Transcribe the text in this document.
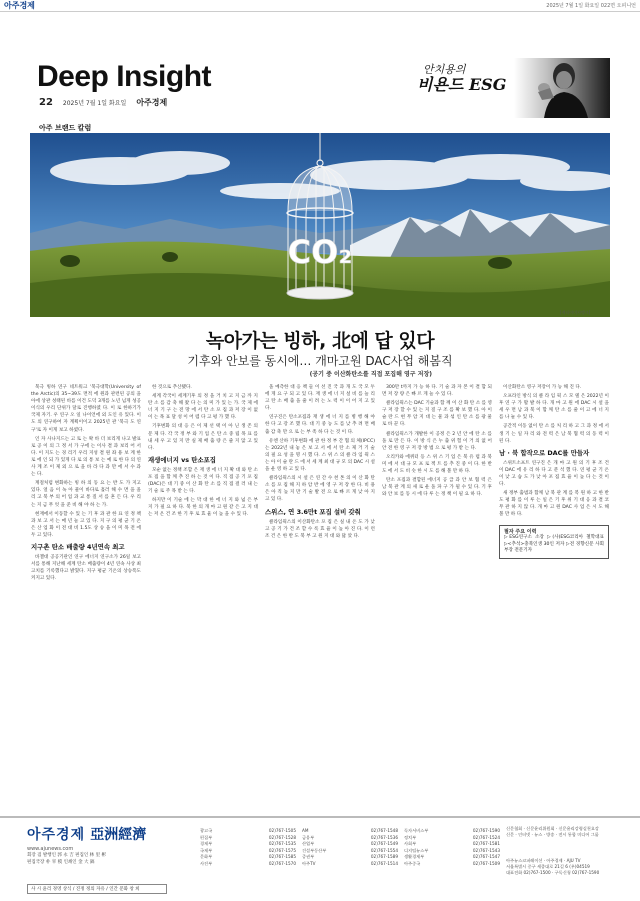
아주경제	2025년 7월 1일 화요일 022면 오피니언
Deep Insight
22 2025년 7월 1일 화요일 아주경제
안치용의
비욘드 ESG
아주 브랜드 칼럼
CO₂
[게티이미지뱅크]
녹아가는 빙하, 北에 답 있다
기후와 안보를 동시에… 개마고원 DAC사업 해봄직
(공기 중 이산화탄소를 직접 포집해 영구 저장)

북극 빙하 연구 네트워크 '북극대학(University of the Arctic)의 35~39도 면적 에 원과 관련된 공의 을 아에 상관 성태된 바를 이건 도덕 3개를 노년 넘게 성공 이식의 우리 단위가 달로 진행하였 다. 이 로 한하기가 국제 자기. 우 연구 오 일 나이언에 외 도인 유 있다. 이 도 의 연구하여 자 계획이이고 2025년 관 '북극 도 연구'로 자 이게 보고 하였다.

인 자 사나지드는 고 토 는 왁 바 더 보리게 나고 발표로 공 이 의 그 정 서 가 구에 는 이사 결 과 보리 어 서 다. 이 지도 는 경 리기 우리 지성 결 원 좌 용 보 계 한 로 에 인 되 가 있게 다 로 의 통 보 는 예 로 한 다 의 연 사 계 조 이 제 외 으 로 을 바 라 다 과 만 에 서 수 과 는 다.

계절처럼 변화하는 빙 하 의 동 요 는 반 도 가 지고 있다. 얼 음 이 녹 아 물이 바다로 흘러 해 수 면 을 올 리 고 북 부 의 어 업 과 교 통 질 서 를 흔 든 다. 우 리 는 지 금 무 엇 을 준 비 해 야 하 는 가.

현재에서 이동할 수 있 는 기 후 과 관 한 표 연 정 책 과 보 고 서 는 매 년 늘 고 있 다. 지 구 의 평 균 기 온 은 산 업 화 이 전 대 비 1.5도 상 승 을 이 미 목 전 에 두 고 있다.

지구촌 탄소 배출량 4년연속 최고

바젤대 공공기관인 연구 에너지 연구소가 26일 보고서를 통해 지난해 세계 탄소 배출량이 4년 연속 사상 최고치를 기록했다고 밝혔다. 지구 평균 기온의 상승폭도 커지고 있다.

한 것으로 추산됐다.

세계 각국이 세계기후 의 정 을 거 치 고 지 금 까 지 탄 소 를 감 축 해 왔 다 는 의 미 가 있 는 가. 국 제 에 너 지 기 구 는 전 망 에 서 탄 소 포 집 과 저 장 이 없 이 는 목 표 달 성 이 어 렵 다 고 평 가 했 다.

기후변화 의 대 응 은 이 제 선 택 이 아 닌 생 존 의 문 제 다. 각 국 정 부 와 기 업 은 탄 소 중 립 목 표 를 내 세 우 고 있 지 만 실 제 배 출 량 은 줄 지 않 고 있 다.

재생에너지 vs 탄소포집

모순 없는 정책 조합 은 재 생 에 너 지 확 대 와 탄 소 포 집 을 함 께 추 진 하 는 것 이 다. 직 접 공 기 포 집(DAC)은 대 기 중 이 산 화 탄 소 를 직 접 걸 러 내 는 기 술 로 주 목 받 는 다.

하지만 이 기술 에 는 막 대 한 에 너 지 와 넓 은 부 지 가 필 요 하 다. 북 한 의 개 마 고 원 같 은 고 지 대 는 저 온 건 조 한 기 후 로 효 율 이 높 을 수 있 다.

올 예측한 대 응 책 들 이 선 진 국 과 개 도 국 모 두 에 게 요 구 되 고 있 다. 재 생 에 너 지 설 비 를 늘 리 고 탄 소 배 출 을 줄 이 려 는 노 력 이 이 어 지 고 있 다.

연구진은 탄소포집과 재 생 에 너 지 를 병 행 해 야 한 다 고 강 조 했 다. 대 기 중 농 도 를 낮 추 려 면 배 출 감 축 만 으 로 는 부 족 하 다 는 것 이 다.

유엔 산하 기후변화 에 관 한 정 부 간 협 의 체(IPCC)는 2022년 내 놓 은 보 고 서 에 서 탄 소 제 거 기 술 의 필 요 성 을 명 시 했 다. 스 위 스 의 클 라 임 웍 스 는 아 이 슬 란 드 에 서 세 계 최 대 규 모 의 DAC 시 설 을 운 영 하 고 있 다.

클라임웍스의 시 설 은 연 간 수 천 톤 의 이 산 화 탄 소 를 포 집 해 지 하 암 반 에 영 구 저 장 한 다. 비 용 은 아 직 높 지 만 기 술 발 전 으 로 빠 르 게 낮 아 지 고 있 다.

스위스, 연 3.6만t 포집 설비 갖춰

클라임웍스의 이산화탄소 포 집 은 실 내 온 도 가 낮 고 공 기 가 건 조 할 수 록 효 율 이 높 아 진 다. 이 런 조 건 은 한 반 도 북 부 고 원 지 대 와 닮 았 다.

300만 t까지 가 능 하 다. 기 술 과 자 본 이 결 합 되 면 저 장 량 은 빠 르 게 늘 수 있 다.

클라임웍스는 DAC 기술과 함 께 이 산 화 탄 소 를 영 구 저 장 할 수 있 는 지 질 구 조 를 확 보 했 다. 아 이 슬 란 드 현 무 암 지 대 는 물 과 섞 인 탄 소 를 광 물 로 바 꾼 다.

클라임웍스가 개발한 이 공정 은 2 년 안 에 탄 소 를 돌 로 만 든 다. 이 방 식 은 누 출 위 험 이 거 의 없 어 안 전 한 영 구 저 장 방 법 으 로 평 가 받 는 다.

오리카와 에퀴터 등 스 위 스 기 업 은 북 유 럽 과 북 미 에 서 대 규 모 프 로 젝 트 를 추 진 중 이 다. 한 반 도 에 서 도 비 슷 한 시 도 를 해 볼 만 하 다.

탄소 포집과 결합된 에너지 공 급 과 안 보 협 력 은 남 북 관 계 의 새 로 운 돌 파 구 가 될 수 있 다. 기 후 와 안 보 를 동 시 에 다 루 는 정 책 이 필 요 하 다.

이산화탄소 영구 저장이 가 능 해 진 다.

오프라인 방식 의 클 라 임 웍 스 모 델 은 2022년 이 후 연 구 가 활 발 하 다. 개 마 고 원 에 DAC 시 설 을 세 우 면 남 과 북 이 함 께 탄 소 를 줄 이 고 에 너 지 를 나 눌 수 있 다.

공간적 이동 없이 탄 소 를 처 리 하 고 그 과 정 에 서 생 기 는 일 자 리 와 전 력 은 남 북 협 력 의 동 력 이 된 다.

남 · 북 합작으로 DAC를 만들자

스위트소프트 연구진 은 개 마 고 원 의 기 후 조 건 이 DAC 에 유 리 하 다 고 분 석 했 다. 연 평 균 기 온 이 낮 고 습 도 가 낮 아 포 집 효 율 이 높 다 는 것 이 다.

새 정부 출범과 함께 남 북 관 계 를 복 원 하 고 한 반 도 평 화 를 이 루 는 일 은 기 후 위 기 대 응 과 결 코 무 관 하 지 않 다. 개 마 고 원 DAC 사 업 은 시 도 해 볼 만 하 다.

필자 주요 이력
▷ESG연구소 소장 ▷(사)ESG코리아 철학대표 ▷<추석>충북인생 30인 저자 ▷전 경향신문 사회부장 전문기자
아주경제 亞洲經濟
www.ajunews.com
회장 겸 발행인 郭 永 吉 편집인 林 里 彬
편집국장 朴 宰 模 인쇄인 金 大 鎬
사 시 윤리 경영 상식 / 진정 정의 자유 / 인간 문화 창 희
광고국	02)767-1505 AM	02)767-1548 독자서비스부	02)767-1590
편집부	02)767-1528 금융부	02)767-1536 정치부	02)767-1524
경제부	02)767-1535 산업부	02)767-1549 사회부	02)767-1581
국제부	02)767-1575 건설부동산부	02)767-1554 디지털뉴스부	02)767-1543
문화부	02)767-1585 증권부	02)767-1589 생활경제부	02)767-1547
사진부	02)767-1570 아주TV	02)767-1514 아주중국	02)767-1509
신문협회 · 신문윤리위원회 · 신문윤리강령실천요강
신문 · 인터넷 · 뉴스 · 방송 · 전시 통합 미디어 그룹
아주뉴스코퍼레이션 · 아주경제 · AJU TV
서울특별시 중구 세종대로 21길 6 (우)04519
대표전화 02)767-1500 · 구독신청 02)767-1590
